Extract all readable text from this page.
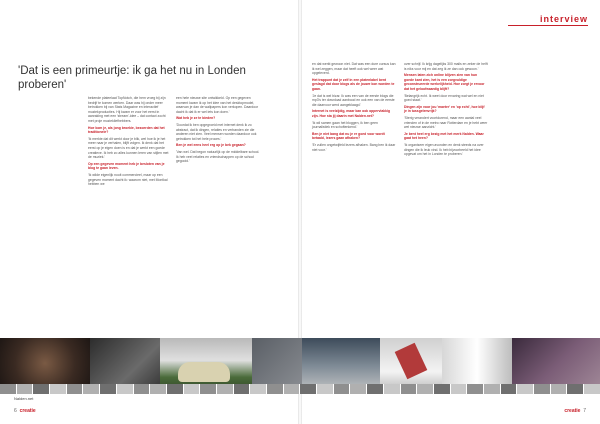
interview
'Dat is een primeurtje: ik ga het nu in Londen proberen'

bekende plateelaat TopNotch, die hem vroeg bij zijn bedrijf te komen werken. Daar was hij onder meer betrokken bij van Stats Magazine en interactief muziekproducties. Hij kwam er voor het eerst in aanraking met een 'stream'-idee – dat contact zocht met proje muziekliefhebbers.

Hoe kom je, als jong broekie, bezoerden dat het traditionele?

'Ik merkte dat dit werkt door je blik, wel hoe ik je het meer naar je verhalen, blijft volgen. Ik denk dat het eerst op je eigen doen is en dat je werkt een goede creatieve. Ik heb zo alles kunnen leren van stijlen met de muziek.'

Op een gegeven moment heb je besloten van je blog te gaan leven.

'Ik wilde eigenlijk nooit commercieel, maar op een gegeven moment dacht ik: waarom niet, met Montkal hebben we

een hele nieuwe site ontwikkeld. Op een gegeven moment kwam ik op het idee van het desktopmodel, waarvan je dan de wallpapers kon verkopen. Daardoor dacht ik dat ik er wel iets kon doen.'

Wat heb je ze te bieden?

'Doordat ik ben opgegroeid met internet denk ik zo abstract, dat ik dingen, relaties en verbanden zie die anderen niet zien. Veel mensen worden daardoor ook getrokken tot het hele proces.'

Ben je wel eens heel erg op je bek gegaan?

'Van wel. Dat begon natuurlijk op de middelbare school. Ik heb veel relaties en vriendschappen op de school gegooid.'

en dat werkt gewoon niet. Dat was een dure cursus kan ik wel zeggen, maar dat heeft ook wel weer wat opgeleverd.

Het trappunt dat je zelf in een platenlabel bent geslagd dat door blogs als de jouwe kon worden te gaan.

'Je dat is wel bizar. Ik was een van de eerste blogs die mp3's ter download aanbood en ook een van de eerste die daarvoor werd aangeklaagd.'

Internet is veelzijdig, maar kan ook oppervlakkig zijn. Hoe sta jij daarin met Nalden.net?

'Ik wil samen gaan het bloggen, ik ben geen journalistiek en schoftenkend.'

Ben je niet bang dat nu je er goed voor wordt betaald, lezers gaan afhaken?

'Er zullen ongetwijfeld lezers afhaken. Bang ben ik daar niet voor.'

over schrijf. Ik krijg dagelijks 300 mails en zeker de helft is niks voor mij en dat zeg ik ze dan ook gewoon.'

Mensen laten zich online blijven zien van hun goede kant zien, het is een zorgvuldige geconstrueerde werkelijkheid. Hoe zorgt je ervoor dat het geloofwaardig blijft?

'Belangrijk echt. Ik weet door ervaring wat wel en niet goed staat.'

Dingen zijn voor jou 'maeter' en 'op echt', hoe blijf je in tussgelenvrijk?

'Sterig verandert voortdurend, maar een aantal veel vrienden of in de metro naar Rotterdam en je hebt weer wel nieuwe aanzicht.'

Je bent heel erg bezig met het merk Nalden. Waar gaat het heen?

'Ik organiseer eigen avonden en denk steeds na over dingen die ik leuk vind. Ik heb bijvoorbeeld het idee opgevat om het in Londen te proberen.'

Nalden.net
6 creatie	creatie 7
